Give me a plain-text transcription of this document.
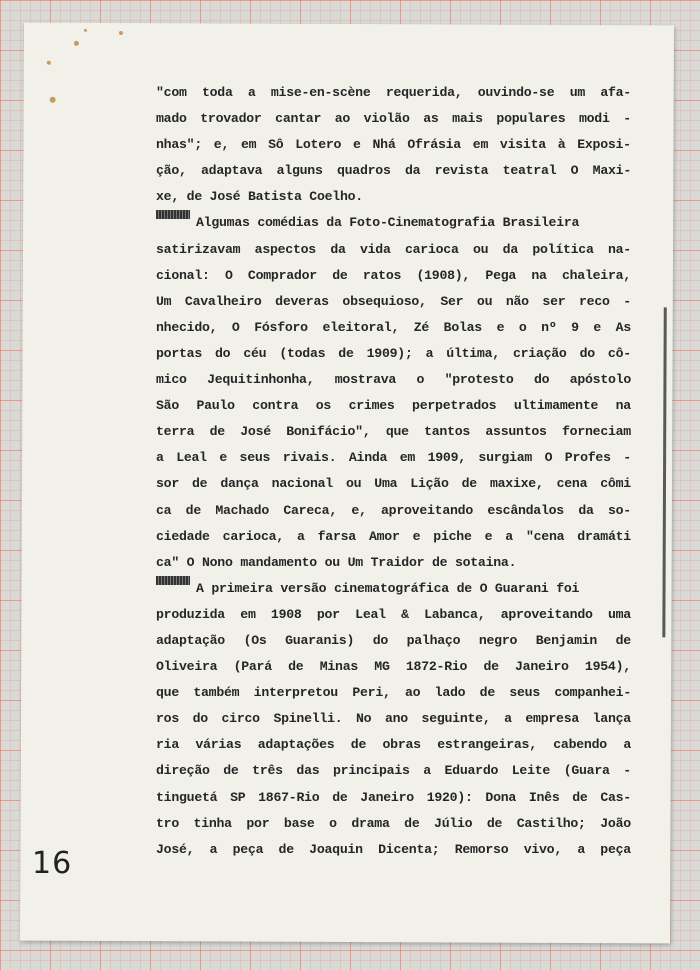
"com toda a mise-en-scène requerida, ouvindo-se um afa-
mado trovador cantar ao violão as mais populares modi -
nhas"; e, em Sô Lotero e Nhá Ofrásia em visita à Exposi-
ção, adaptava alguns quadros da revista teatral O Maxi-
xe, de José Batista Coelho.
Algumas comédias da Foto-Cinematografia Brasileira
satirizavam aspectos da vida carioca ou da política na-
cional: O Comprador de ratos (1908), Pega na chaleira,
Um Cavalheiro deveras obsequioso, Ser ou não ser reco -
nhecido, O Fósforo eleitoral, Zé Bolas e o nº 9 e As
portas do céu (todas de 1909); a última, criação do cô-
mico Jequitinhonha, mostrava o "protesto do apóstolo
São Paulo contra os crimes perpetrados ultimamente na
terra de José Bonifácio", que tantos assuntos forneciam
a Leal e seus rivais. Ainda em 1909, surgiam O Profes -
sor de dança nacional ou Uma Lição de maxixe, cena cômi
ca de Machado Careca, e, aproveitando escândalos da so-
ciedade carioca, a farsa Amor e piche e a "cena dramáti
ca" O Nono mandamento ou Um Traidor de sotaina.
A primeira versão cinematográfica de O Guarani foi
produzida em 1908 por Leal & Labanca, aproveitando uma
adaptação (Os Guaranis) do palhaço negro Benjamin de
Oliveira (Pará de Minas MG 1872-Rio de Janeiro 1954),
que também interpretou Peri, ao lado de seus companhei-
ros do circo Spinelli. No ano seguinte, a empresa lança
ria várias adaptações de obras estrangeiras, cabendo a
direção de três das principais a Eduardo Leite (Guara -
tinguetá SP 1867-Rio de Janeiro 1920): Dona Inês de Cas-
tro tinha por base o drama de Júlio de Castilho; João
José, a peça de Joaquin Dicenta; Remorso vivo, a peça
16
